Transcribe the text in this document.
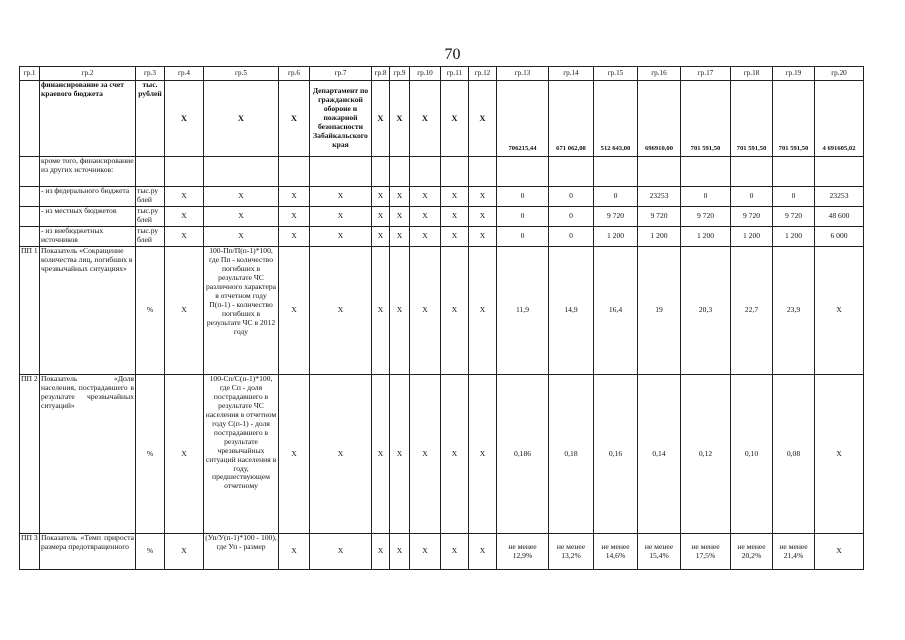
70
гр.1	гр.2	гр.3	гр.4	гр.5	гр.6	гр.7	гр.8	гр.9	гр.10	гр.11	гр.12	гр.13	гр.14	гр.15	гр.16	гр.17	гр.18	гр.19	гр.20
	финансирование за счет краевого бюджета	тыс. рублей	X	X	X	Департамент по гражданской обороне и пожарной безопасности Забайкальского края	X	X	X	X	X	706215,44	671 062,08	512 643,00	696910,00	701 591,50	701 591,50	701 591,50	4 691605,02
	кроме того, финансирование из других источников:																		
	- из федерального бюджета	тыс.ру блей	X	X	X	X	X	X	X	X	X	0	0	0	23253	0	0	0	23253
	- из местных бюджетов	тыс.ру блей	X	X	X	X	X	X	X	X	X	0	0	9 720	9 720	9 720	9 720	9 720	48 600
	- из внебюджетных источников	тыс.ру блей	X	X	X	X	X	X	X	X	X	0	0	1 200	1 200	1 200	1 200	1 200	6 000
ПП 1	Показатель «Сокращение количества лиц, погибших в чрезвычайных ситуациях»	%	X	100-Пп/П(п-1)*100, где Пп - количество погибших в результате ЧС различного характера в отчетном году П(п-1) - количество погибших в результате ЧС в 2012 году	X	X	X	X	X	X	X	11,9	14,9	16,4	19	20,3	22,7	23,9	X
ПП 2	Показатель «Доля населения, пострадавшего в результате чрезвычайных ситуаций»	%	X	100-Сп/С(п-1)*100, где Сп - доля пострадавшего в результате ЧС населения в отчетном году С(п-1) - доля пострадавшего в результате чрезвычайных ситуаций населения в году, предшествующем отчетному	X	X	X	X	X	X	X	0,186	0,18	0,16	0,14	0,12	0,10	0,08	X
ПП 3	Показатель «Темп прироста размера предотвращенного	%	X	(Уп/У(п-1)*100 - 100), где Уп - размер	X	X	X	X	X	X	X	не менее 12,9%	не менее 13,2%	не менее 14,6%	не менее 15,4%	не менее 17,5%	не менее 20,2%	не менее 21,4%	X
